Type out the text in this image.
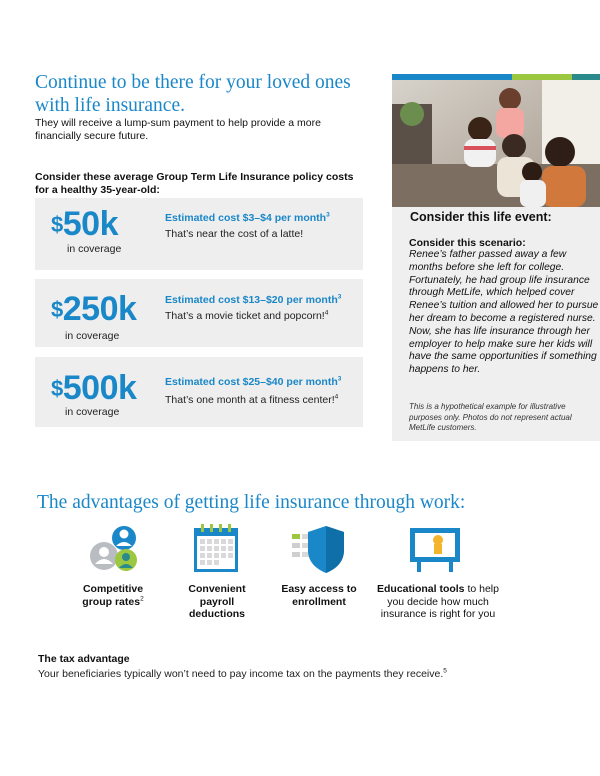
Continue to be there for your loved ones with life insurance.

They will receive a lump-sum payment to help provide a more financially secure future.

Consider these average Group Term Life Insurance policy costs for a healthy 35-year-old:

$50k
in coverage
Estimated cost $3–$4 per month$^3$
That’s near the cost of a latte!
$250k
in coverage
Estimated cost $13–$20 per month$^3$
That’s a movie ticket and popcorn!$^4$
$500k
in coverage
Estimated cost $25–$40 per month$^3$
That’s one month at a fitness center!$^4$
Consider this life event:
Consider this scenario:

Renee’s father passed away a few months before she left for college. Fortunately, he had group life insurance through MetLife, which helped cover Renee’s tuition and allowed her to pursue her dream to become a registered nurse. Now, she has life insurance through her employer to help make sure her kids will have the same opportunities if something happens to her.

This is a hypothetical example for illustrative purposes only. Photos do not represent actual MetLife customers.

The advantages of getting life insurance through work:
Competitive group rates$^2$
Convenient payroll deductions
Easy access to enrollment
Educational tools to help you decide how much insurance is right for you
The tax advantage
Your beneficiaries typically won’t need to pay income tax on the payments they receive.$^5$
